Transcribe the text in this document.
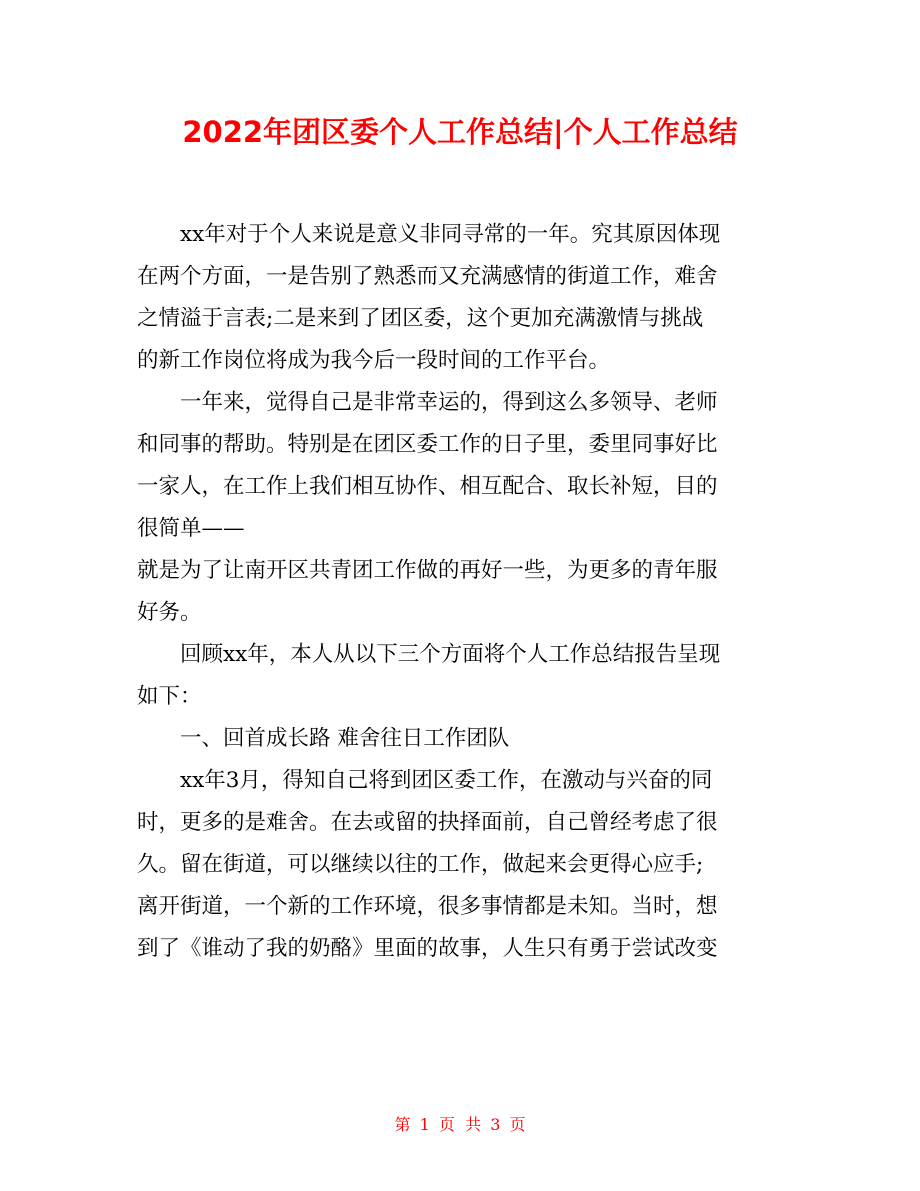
2022年团区委个人工作总结|个人工作总结

xx年对于个人来说是意义非同寻常的一年。究其原因体现
在两个方面，一是告别了熟悉而又充满感情的街道工作，难舍
之情溢于言表;二是来到了团区委，这个更加充满激情与挑战
的新工作岗位将成为我今后一段时间的工作平台。

一年来，觉得自己是非常幸运的，得到这么多领导、老师
和同事的帮助。特别是在团区委工作的日子里，委里同事好比
一家人，在工作上我们相互协作、相互配合、取长补短，目的
很简单——
就是为了让南开区共青团工作做的再好一些，为更多的青年服
好务。

回顾xx年，本人从以下三个方面将个人工作总结报告呈现
如下：

一、回首成长路 难舍往日工作团队

xx年3月，得知自己将到团区委工作，在激动与兴奋的同
时，更多的是难舍。在去或留的抉择面前，自己曾经考虑了很
久。留在街道，可以继续以往的工作，做起来会更得心应手;
离开街道，一个新的工作环境，很多事情都是未知。当时，想
到了《谁动了我的奶酪》里面的故事，人生只有勇于尝试改变

第 1 页  共 3 页
